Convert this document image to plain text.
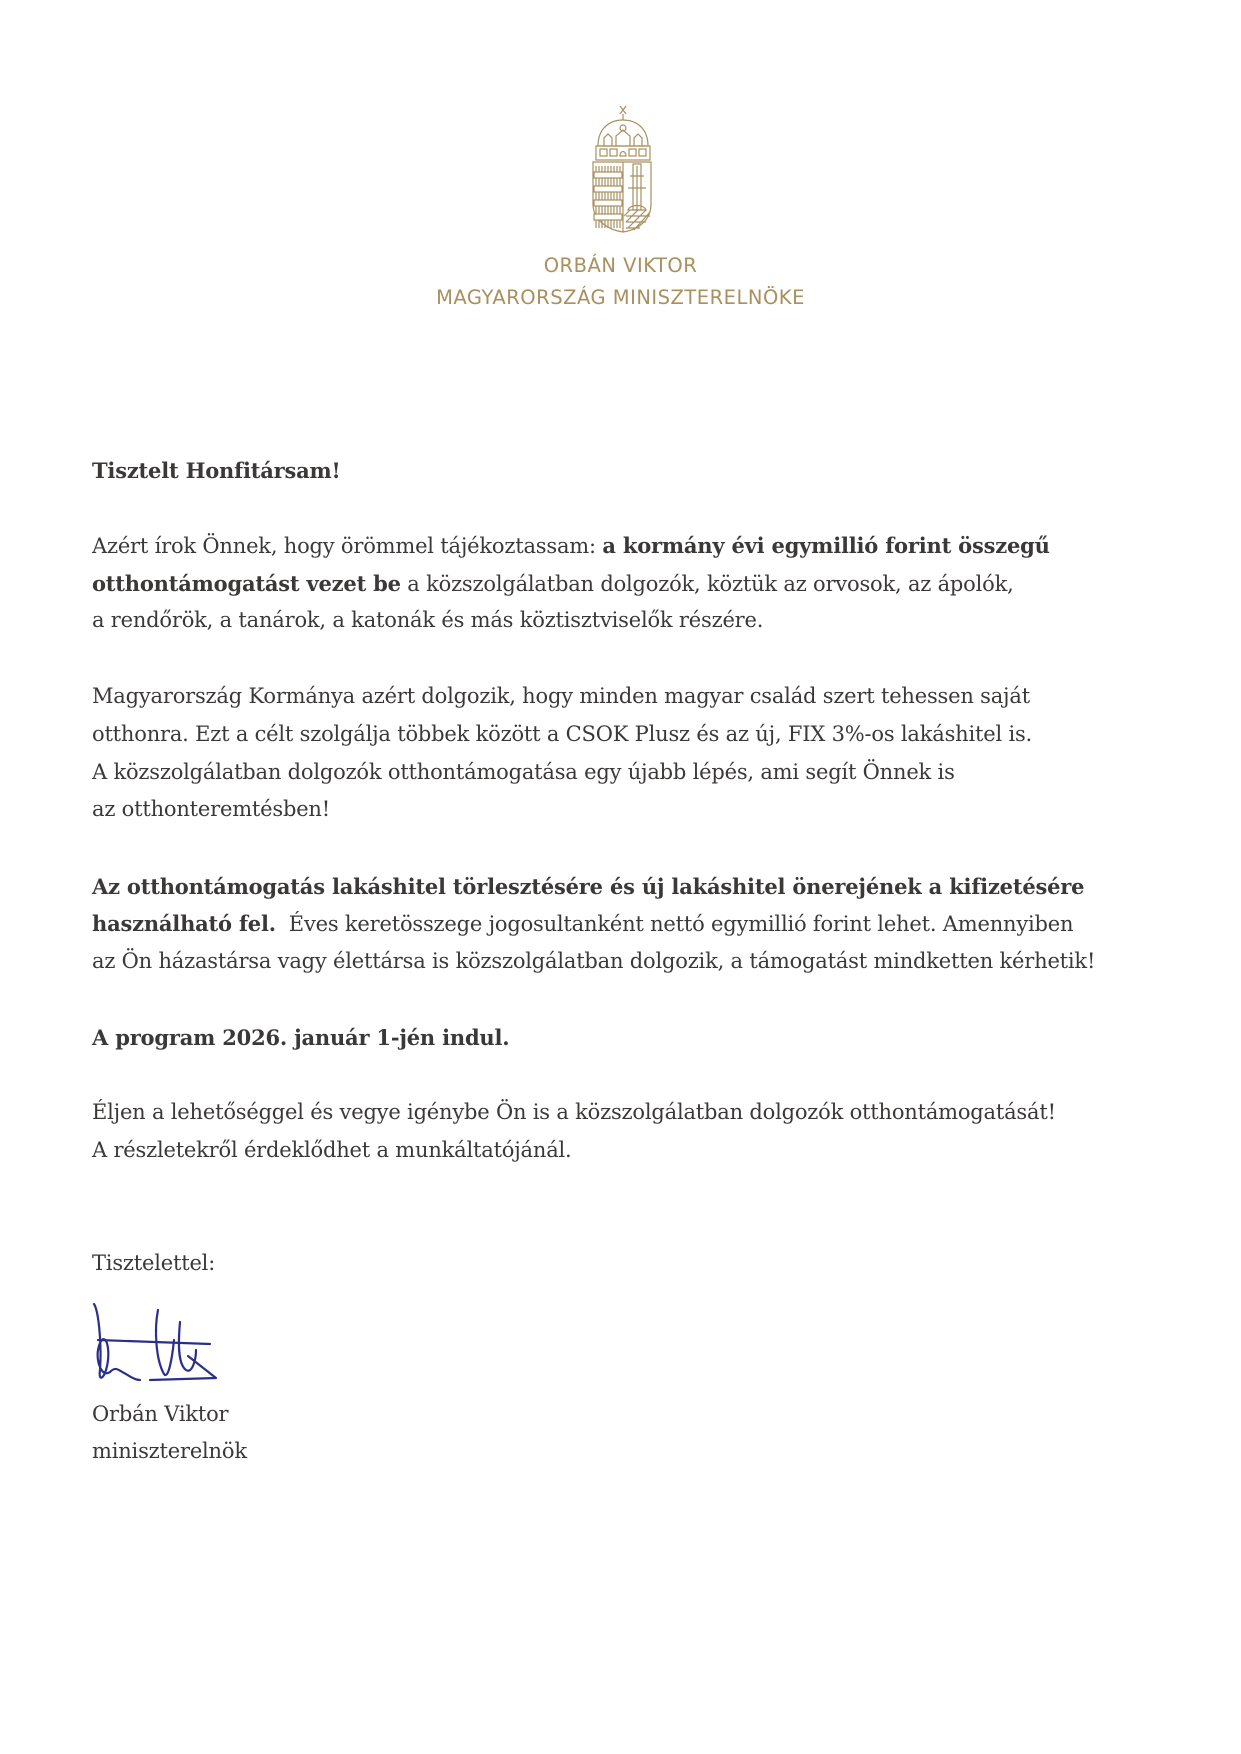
ORBÁN VIKTOR
MAGYARORSZÁG MINISZTERELNÖKE
Tisztelt Honfitársam!
Azért írok Önnek, hogy örömmel tájékoztassam: a kormány évi egymillió forint összegű
otthontámogatást vezet be a közszolgálatban dolgozók, köztük az orvosok, az ápolók,
a rendőrök, a tanárok, a katonák és más köztisztviselők részére.
Magyarország Kormánya azért dolgozik, hogy minden magyar család szert tehessen saját
otthonra. Ezt a célt szolgálja többek között a CSOK Plusz és az új, FIX 3%-os lakáshitel is.
A közszolgálatban dolgozók otthontámogatása egy újabb lépés, ami segít Önnek is
az otthonteremtésben!
Az otthontámogatás lakáshitel törlesztésére és új lakáshitel önerejének a kifizetésére
használható fel.  Éves keretösszege jogosultanként nettó egymillió forint lehet. Amennyiben
az Ön házastársa vagy élettársa is közszolgálatban dolgozik, a támogatást mindketten kérhetik!
A program 2026. január 1-jén indul.
Éljen a lehetőséggel és vegye igénybe Ön is a közszolgálatban dolgozók otthontámogatását!
A részletekről érdeklődhet a munkáltatójánál.
Tisztelettel:
Orbán Viktor
miniszterelnök
